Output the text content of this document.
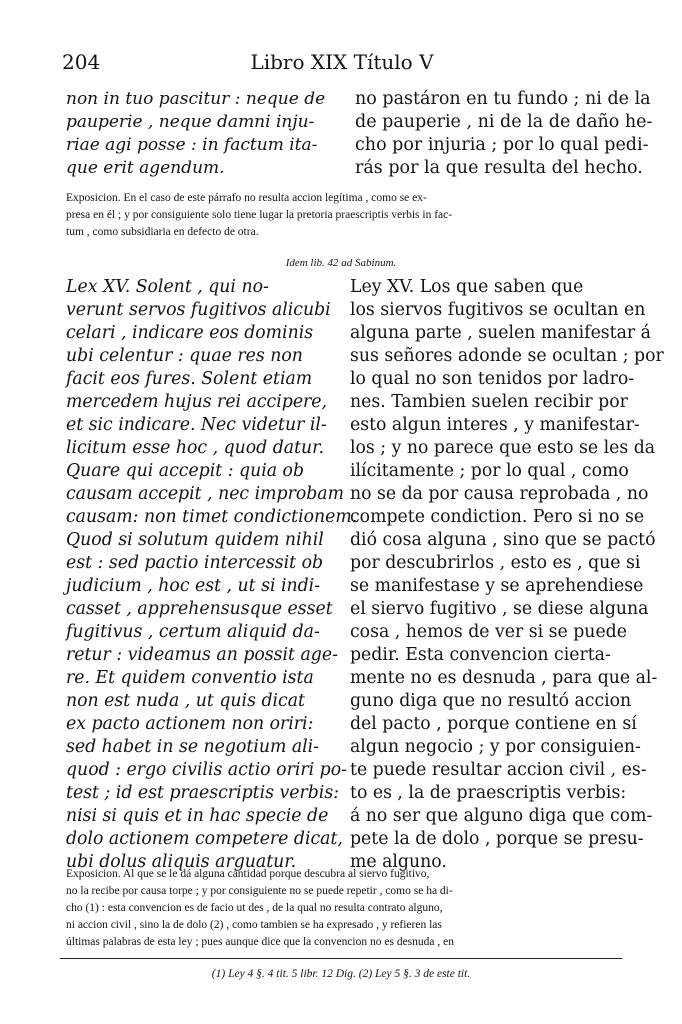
204	Libro XIX Título V
non in tuo pascitur : neque de
pauperie , neque damni inju-
riae agi posse : in factum ita-
que erit agendum.
no pastáron en tu fundo ; ni de la
de pauperie , ni de la de daño he-
cho por injuria ; por lo qual pedi-
rás por la que resulta del hecho.
Exposicion. En el caso de este párrafo no resulta accion legítima , como se ex-
presa en él ; y por consiguiente solo tiene lugar la pretoria praescriptis verbis in fac-
tum , como subsidiaria en defecto de otra.
Idem lib. 42 ad Sabinum.
Lex XV. Solent , qui no-
verunt servos fugitivos alicubi
celari , indicare eos dominis
ubi celentur : quae res non
facit eos fures. Solent etiam
mercedem hujus rei accipere,
et sic indicare. Nec videtur il-
licitum esse hoc , quod datur.
Quare qui accepit : quia ob
causam accepit , nec improbam
causam: non timet condictionem.
Quod si solutum quidem nihil
est : sed pactio intercessit ob
judicium , hoc est , ut si indi-
casset , apprehensusque esset
fugitivus , certum aliquid da-
retur : videamus an possit age-
re. Et quidem conventio ista
non est nuda , ut quis dicat
ex pacto actionem non oriri:
sed habet in se negotium ali-
quod : ergo civilis actio oriri po-
test ; id est praescriptis verbis:
nisi si quis et in hac specie de
dolo actionem competere dicat,
ubi dolus aliquis arguatur.
Ley XV. Los que saben que
los siervos fugitivos se ocultan en
alguna parte , suelen manifestar á
sus señores adonde se ocultan ; por
lo qual no son tenidos por ladro-
nes. Tambien suelen recibir por
esto algun interes , y manifestar-
los ; y no parece que esto se les da
ilícitamente ; por lo qual , como
no se da por causa reprobada , no
compete condiction. Pero si no se
dió cosa alguna , sino que se pactó
por descubrirlos , esto es , que si
se manifestase y se aprehendiese
el siervo fugitivo , se diese alguna
cosa , hemos de ver si se puede
pedir. Esta convencion cierta-
mente no es desnuda , para que al-
guno diga que no resultó accion
del pacto , porque contiene en sí
algun negocio ; y por consiguien-
te puede resultar accion civil , es-
to es , la de praescriptis verbis:
á no ser que alguno diga que com-
pete la de dolo , porque se presu-
me alguno.
Exposicion. Al que se le dá alguna cantidad porque descubra al siervo fugitivo,
no la recibe por causa torpe ; y por consiguiente no se puede repetir , como se ha di-
cho (1) : esta convencion es de facio ut des , de la qual no resulta contrato alguno,
ni accion civil , sino la de dolo (2) , como tambien se ha expresado , y refieren las
últimas palabras de esta ley ; pues aunque dice que la convencion no es desnuda , en
(1) Ley 4 §. 4 tit. 5 libr. 12 Dig. (2) Ley 5 §. 3 de este tit.
